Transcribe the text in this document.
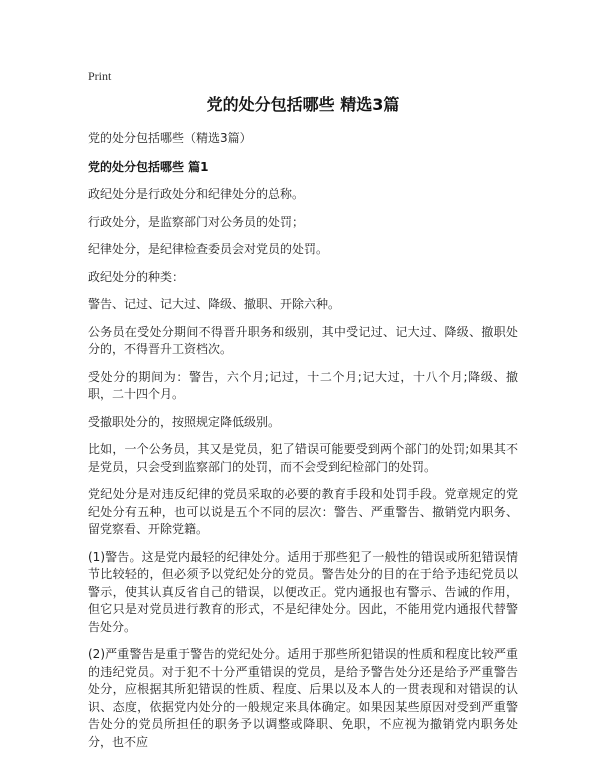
Print
党的处分包括哪些 精选3篇
党的处分包括哪些（精选3篇）
党的处分包括哪些 篇1

政纪处分是行政处分和纪律处分的总称。

行政处分，是监察部门对公务员的处罚；

纪律处分，是纪律检查委员会对党员的处罚。

政纪处分的种类：

警告、记过、记大过、降级、撤职、开除六种。

公务员在受处分期间不得晋升职务和级别，其中受记过、记大过、降级、撤职处分的，不得晋升工资档次。

受处分的期间为：警告，六个月;记过，十二个月;记大过，十八个月;降级、撤职，二十四个月。

受撤职处分的，按照规定降低级别。

比如，一个公务员，其又是党员，犯了错误可能要受到两个部门的处罚;如果其不是党员，只会受到监察部门的处罚，而不会受到纪检部门的处罚。

党纪处分是对违反纪律的党员采取的必要的教育手段和处罚手段。党章规定的党纪处分有五种，也可以说是五个不同的层次：警告、严重警告、撤销党内职务、留党察看、开除党籍。

(1)警告。这是党内最轻的纪律处分。适用于那些犯了一般性的错误或所犯错误情节比较轻的，但必须予以党纪处分的党员。警告处分的目的在于给予违纪党员以警示，使其认真反省自己的错误，以便改正。党内通报也有警示、告诫的作用，但它只是对党员进行教育的形式，不是纪律处分。因此，不能用党内通报代替警告处分。

(2)严重警告是重于警告的党纪处分。适用于那些所犯错误的性质和程度比较严重的违纪党员。对于犯不十分严重错误的党员，是给予警告处分还是给予严重警告处分，应根据其所犯错误的性质、程度、后果以及本人的一贯表现和对错误的认识、态度，依据党内处分的一般规定来具体确定。如果因某些原因对受到严重警告处分的党员所担任的职务予以调整或降职、免职，不应视为撤销党内职务处分，也不应
